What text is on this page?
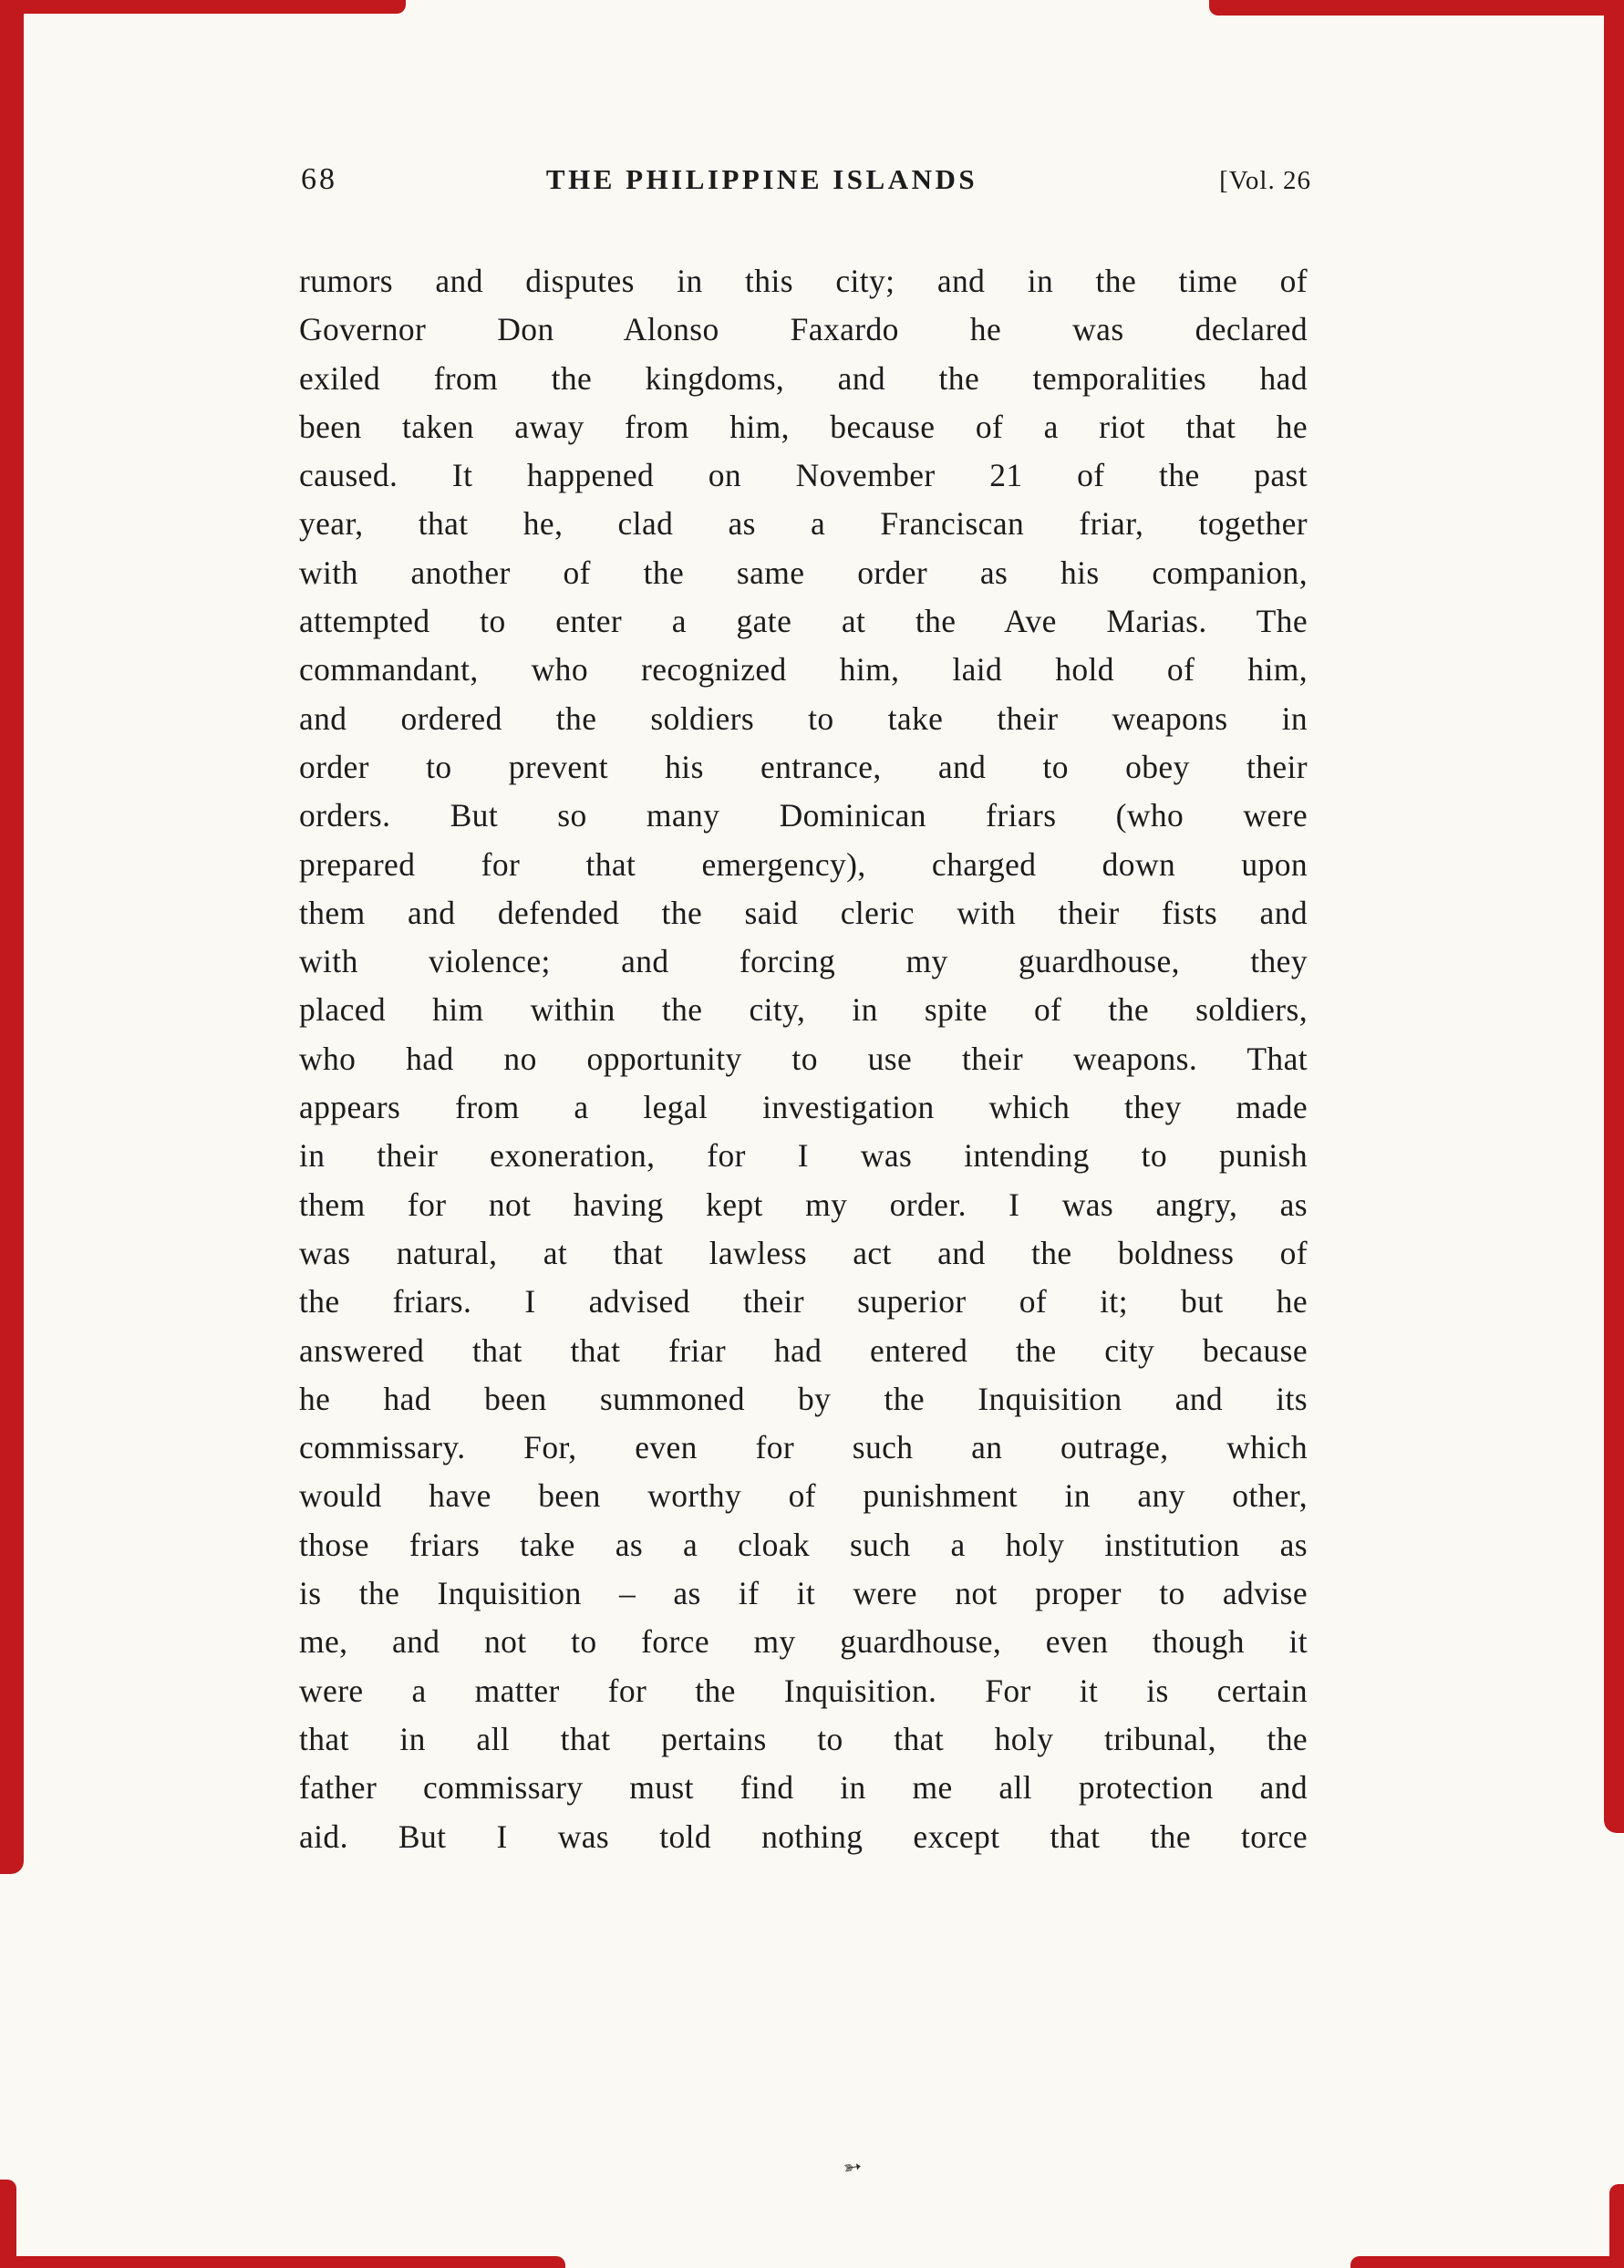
68	THE PHILIPPINE ISLANDS	[Vol. 26
rumors and disputes in this city; and in the time of
Governor Don Alonso Faxardo he was declared
exiled from the kingdoms, and the temporalities had
been taken away from him, because of a riot that he
caused. It happened on November 21 of the past
year, that he, clad as a Franciscan friar, together
with another of the same order as his companion,
attempted to enter a gate at the Ave Marias. The
commandant, who recognized him, laid hold of him,
and ordered the soldiers to take their weapons in
order to prevent his entrance, and to obey their
orders. But so many Dominican friars (who were
prepared for that emergency), charged down upon
them and defended the said cleric with their fists and
with violence; and forcing my guardhouse, they
placed him within the city, in spite of the soldiers,
who had no opportunity to use their weapons. That
appears from a legal investigation which they made
in their exoneration, for I was intending to punish
them for not having kept my order. I was angry, as
was natural, at that lawless act and the boldness of
the friars. I advised their superior of it; but he
answered that that friar had entered the city because
he had been summoned by the Inquisition and its
commissary. For, even for such an outrage, which
would have been worthy of punishment in any other,
those friars take as a cloak such a holy institution as
is the Inquisition – as if it were not proper to advise
me, and not to force my guardhouse, even though it
were a matter for the Inquisition. For it is certain
that in all that pertains to that holy tribunal, the
father commissary must find in me all protection and
aid. But I was told nothing except that the torce
➳
